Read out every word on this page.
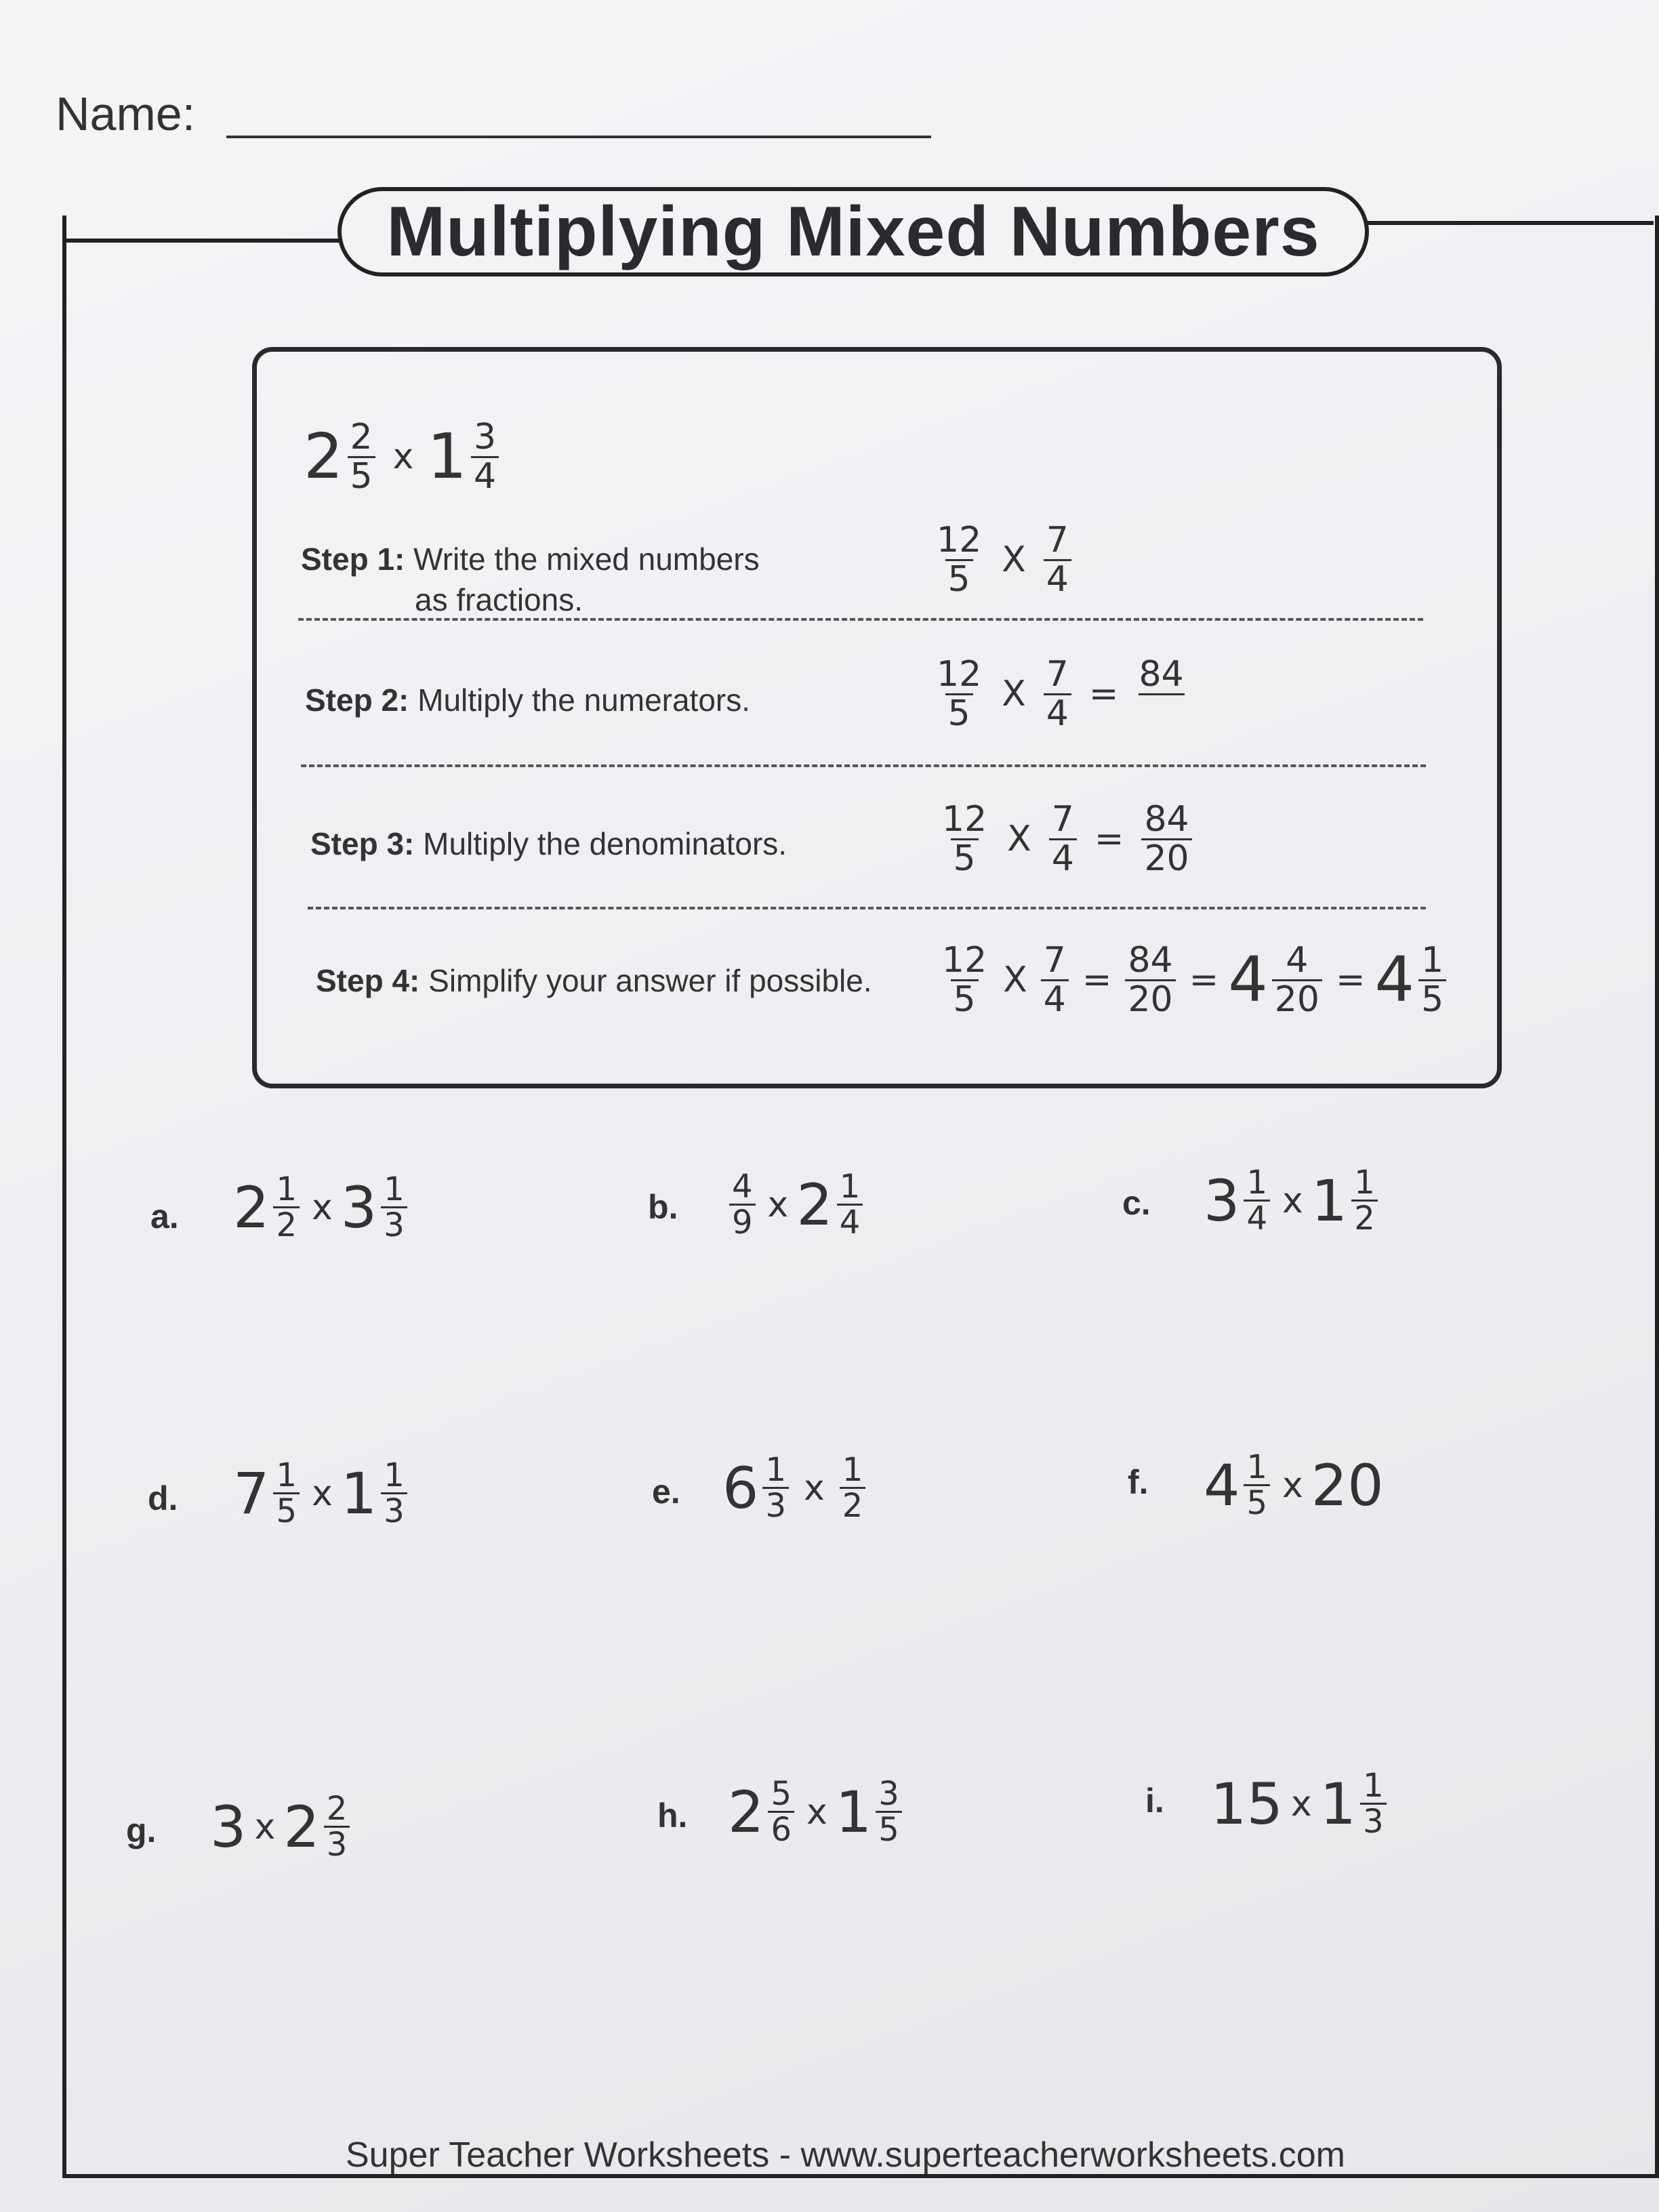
Name:
Multiplying Mixed Numbers
$2 \frac{2}{5}$ x $1 \frac{3}{4}$
Step 1: Write the mixed numbers
as fractions.
$\frac{12}{5}$ X $\frac{7}{4}$
Step 2: Multiply the numerators.	$\frac{12}{5}$ X $\frac{7}{4} = 84$
Step 3: Multiply the denominators.	$\frac{12}{5}$ X $\frac{7}{4} = \frac{84}{20}$
Step 4: Simplify your answer if possible. $\frac{12}{5}$ X $\frac{7}{4} = \frac{84}{20} = 4 \frac{4}{20} = 4 \frac{1}{5}$
a. $2 \frac{1}{2}$ x $3 \frac{1}{3}$	b. $\frac{4}{9}$ x $2 \frac{1}{4}$	c. $3 \frac{1}{4}$ x $1 \frac{1}{2}$
d. $7 \frac{1}{5}$ x $1 \frac{1}{3}$	e. $6 \frac{1}{3}$ x $\frac{1}{2}$	f. $4 \frac{1}{5}$ x 20
g. 3 x $2 \frac{2}{3}$	h. $2 \frac{5}{6}$ x $1 \frac{3}{5}$	i. 15 x $1 \frac{1}{3}$
Super Teacher Worksheets - www.superteacherworksheets.com
